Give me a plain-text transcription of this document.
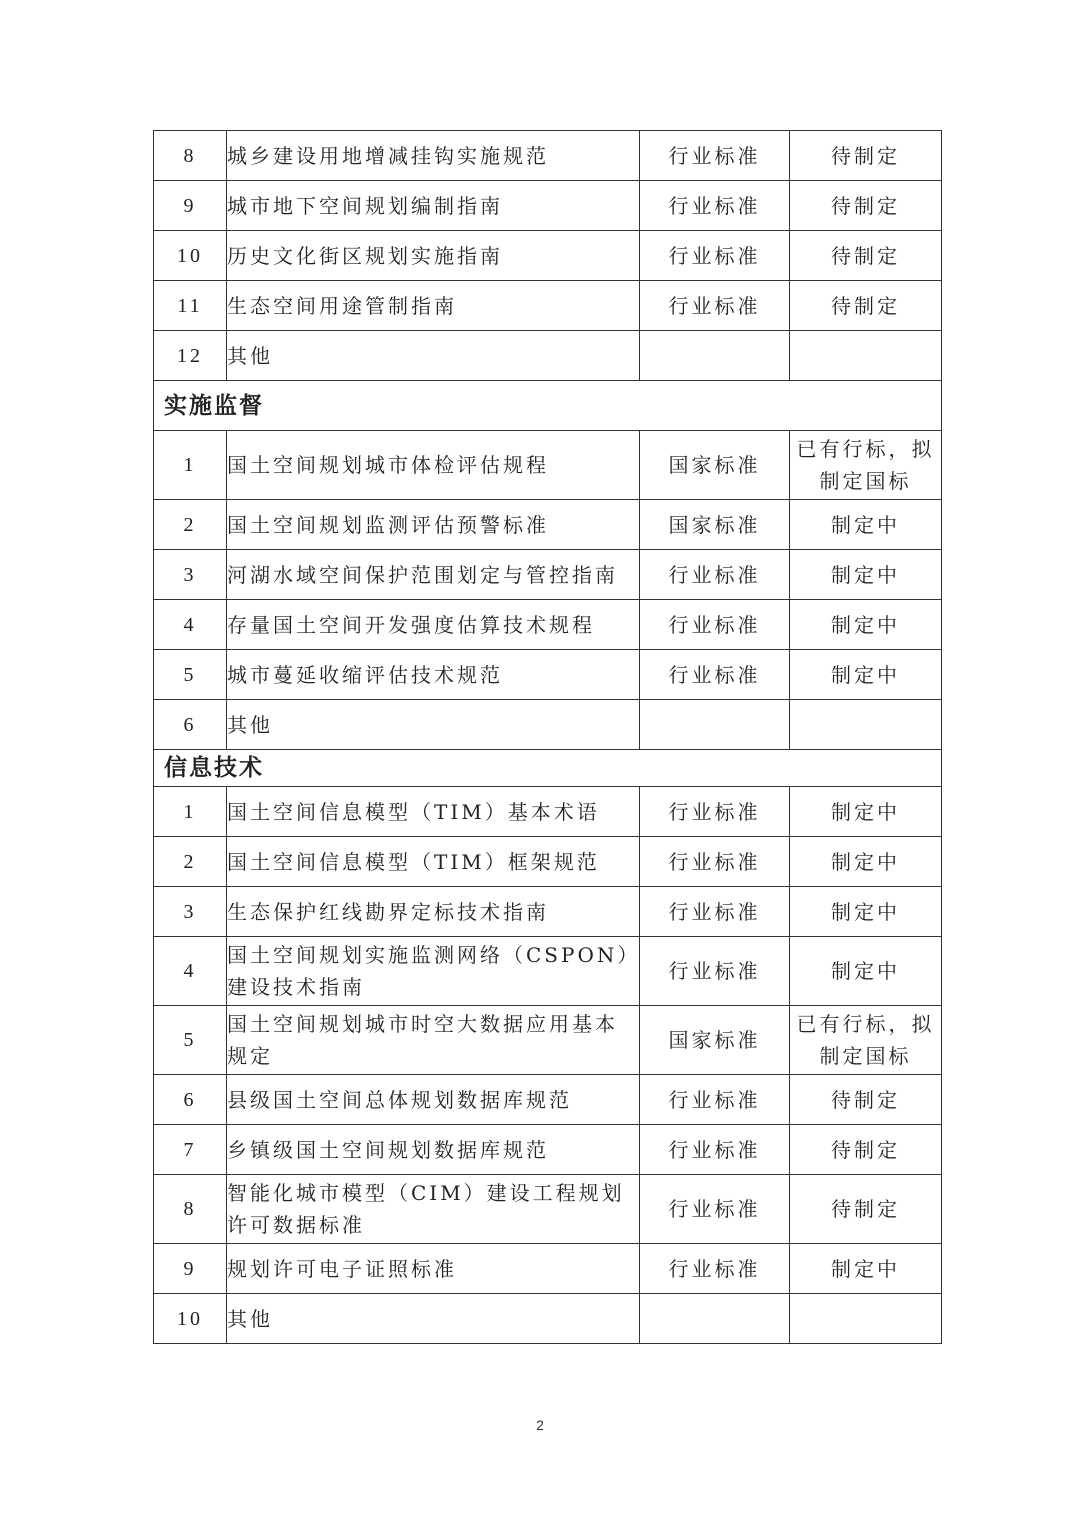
8	城乡建设用地增减挂钩实施规范	行业标准	待制定
9	城市地下空间规划编制指南	行业标准	待制定
10	历史文化街区规划实施指南	行业标准	待制定
11	生态空间用途管制指南	行业标准	待制定
12	其他		
实施监督			
1	国土空间规划城市体检评估规程	国家标准	已有行标，拟制定国标
2	国土空间规划监测评估预警标准	国家标准	制定中
3	河湖水域空间保护范围划定与管控指南	行业标准	制定中
4	存量国土空间开发强度估算技术规程	行业标准	制定中
5	城市蔓延收缩评估技术规范	行业标准	制定中
6	其他		
信息技术			
1	国土空间信息模型（TIM）基本术语	行业标准	制定中
2	国土空间信息模型（TIM）框架规范	行业标准	制定中
3	生态保护红线勘界定标技术指南	行业标准	制定中
4	国土空间规划实施监测网络（CSPON）建设技术指南	行业标准	制定中
5	国土空间规划城市时空大数据应用基本规定	国家标准	已有行标，拟制定国标
6	县级国土空间总体规划数据库规范	行业标准	待制定
7	乡镇级国土空间规划数据库规范	行业标准	待制定
8	智能化城市模型（CIM）建设工程规划许可数据标准	行业标准	待制定
9	规划许可电子证照标准	行业标准	制定中
10	其他		
2
